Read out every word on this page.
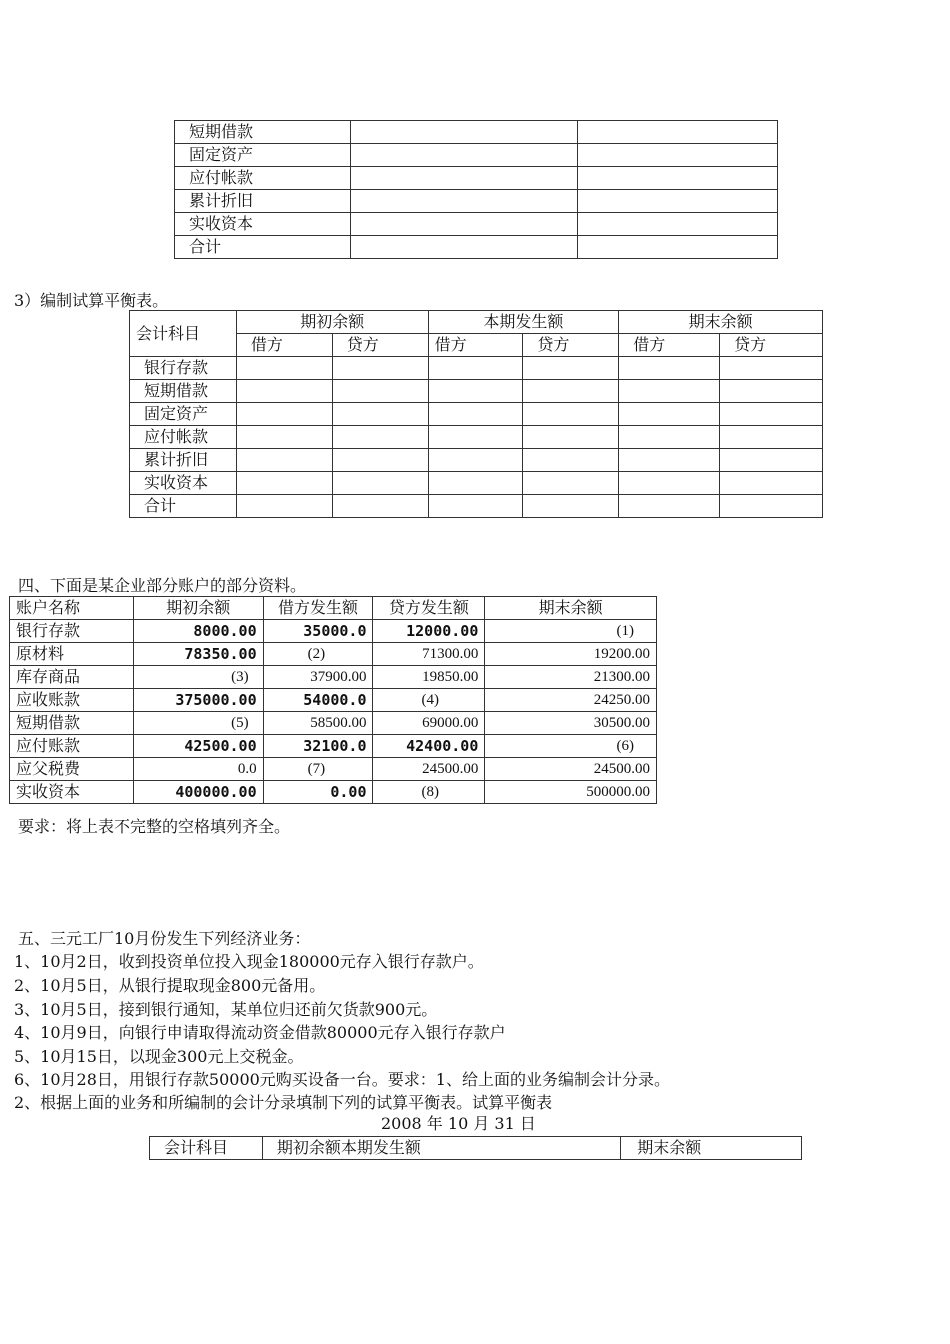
短期借款		
固定资产		
应付帐款		
累计折旧		
实收资本		
合计		
3）编制试算平衡表。
会计科目	期初余额		本期发生额		期末余额	
	借方	贷方	借方	贷方	借方	贷方
银行存款						
短期借款						
固定资产						
应付帐款						
累计折旧						
实收资本						
合计						
四、下面是某企业部分账户的部分资料。
账户名称	期初余额	借方发生额	贷方发生额	期末余额
银行存款	8000.00	35000.0	12000.00	(1)
原材料	78350.00	(2)	71300.00	19200.00
库存商品	(3)	37900.00	19850.00	21300.00
应收账款	375000.00	54000.0	(4)	24250.00
短期借款	(5)	58500.00	69000.00	30500.00
应付账款	42500.00	32100.0	42400.00	(6)
应父税费	0.0	(7)	24500.00	24500.00
实收资本	400000.00	0.00	(8)	500000.00
要求：将上表不完整的空格填列齐全。
五、三元工厂10月份发生下列经济业务：
1、10月2日，收到投资单位投入现金180000元存入银行存款户。
2、10月5日，从银行提取现金800元备用。
3、10月5日，接到银行通知，某单位归还前欠货款900元。
4、10月9日，向银行申请取得流动资金借款80000元存入银行存款户
5、10月15日，以现金300元上交税金。
6、10月28日，用银行存款50000元购买设备一台。要求：1、给上面的业务编制会计分录。
2、根据上面的业务和所编制的会计分录填制下列的试算平衡表。试算平衡表
2008 年 10 月 31 日
会计科目	期初余额本期发生额	期末余额
